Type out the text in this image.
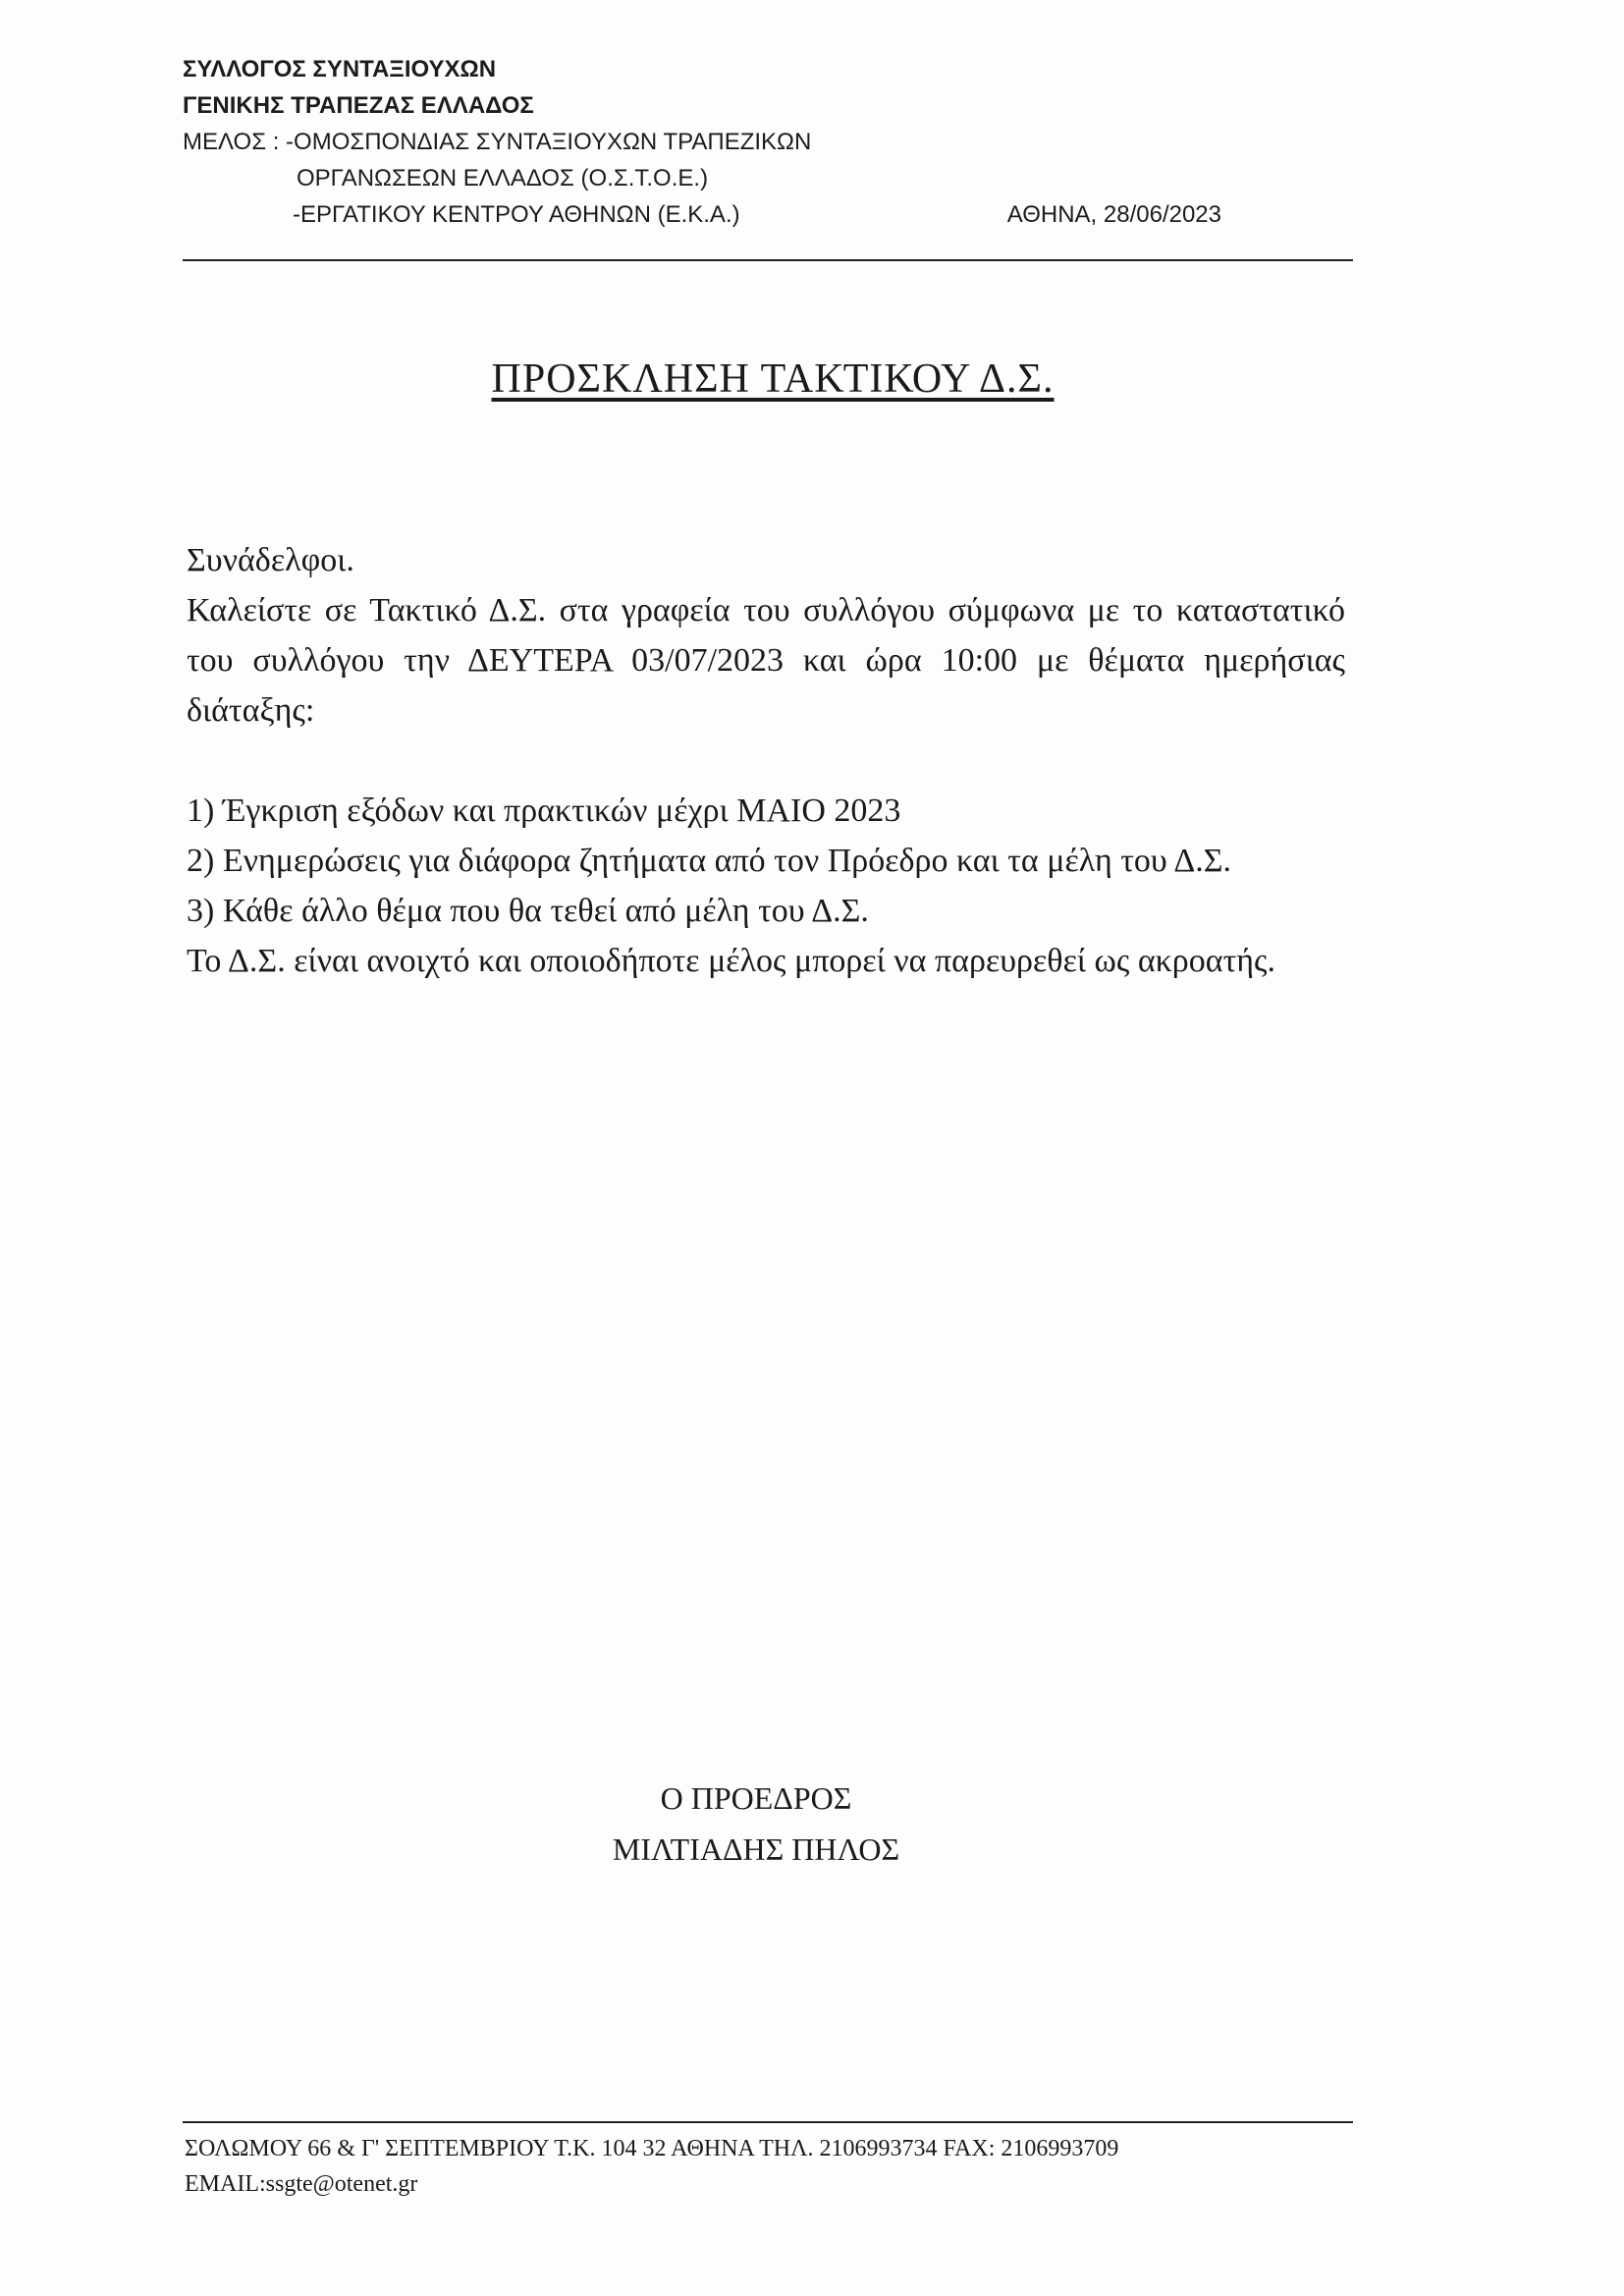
ΣΥΛΛΟΓΟΣ ΣΥΝΤΑΞΙΟΥΧΩΝ
ΓΕΝΙΚΗΣ ΤΡΑΠΕΖΑΣ ΕΛΛΑΔΟΣ
ΜΕΛΟΣ : -ΟΜΟΣΠΟΝΔΙΑΣ ΣΥΝΤΑΞΙΟΥΧΩΝ ΤΡΑΠΕΖΙΚΩΝ
ΟΡΓΑΝΩΣΕΩΝ ΕΛΛΑΔΟΣ (Ο.Σ.Τ.Ο.Ε.)
-ΕΡΓΑΤΙΚΟΥ ΚΕΝΤΡΟΥ ΑΘΗΝΩΝ (Ε.Κ.Α.)	ΑΘΗΝΑ, 28/06/2023
ΠΡΟΣΚΛΗΣΗ ΤΑΚΤΙΚΟΥ Δ.Σ.

Συνάδελφοι.

Καλείστε σε Τακτικό Δ.Σ. στα γραφεία του συλλόγου σύμφωνα με το καταστατικό του συλλόγου την ΔΕΥΤΕΡΑ 03/07/2023 και ώρα 10:00 με θέματα ημερήσιας διάταξης:

1) Έγκριση εξόδων και πρακτικών μέχρι ΜΑΙΟ 2023

2) Ενημερώσεις για διάφορα ζητήματα από τον Πρόεδρο και τα μέλη του Δ.Σ.

3) Κάθε άλλο θέμα που θα τεθεί από μέλη του Δ.Σ.

Το Δ.Σ. είναι ανοιχτό και οποιοδήποτε μέλος μπορεί να παρευρεθεί ως ακροατής.

Ο ΠΡΟΕΔΡΟΣ
ΜΙΛΤΙΑΔΗΣ ΠΗΛΟΣ
ΣΟΛΩΜΟΥ 66 & Γ' ΣΕΠΤΕΜΒΡΙΟΥ Τ.Κ. 104 32 ΑΘΗΝΑ ΤΗΛ. 2106993734 FAX: 2106993709
EMAIL:ssgte@otenet.gr
